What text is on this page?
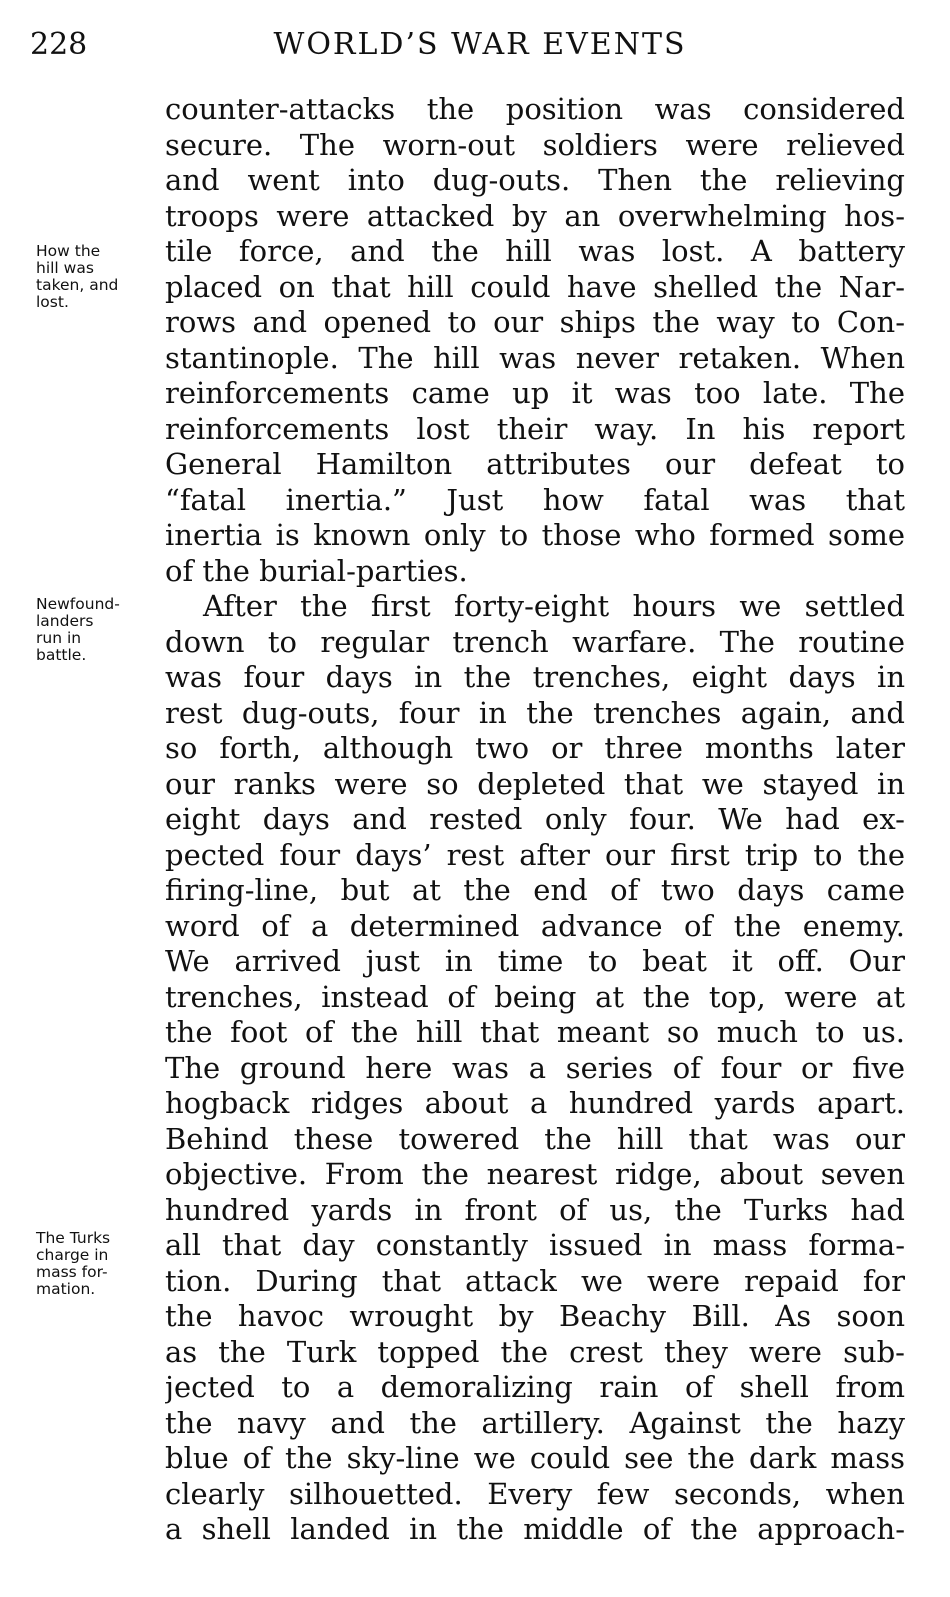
228	WORLD’S WAR EVENTS
How the
hill was
taken, and
lost.
Newfound-
landers
run in
battle.
The Turks
charge in
mass for-
mation.
counter-attacks the position was considered
secure. The worn-out soldiers were relieved
and went into dug-outs. Then the relieving
troops were attacked by an overwhelming hos-
tile force, and the hill was lost. A battery
placed on that hill could have shelled the Nar-
rows and opened to our ships the way to Con-
stantinople. The hill was never retaken. When
reinforcements came up it was too late. The
reinforcements lost their way. In his report
General Hamilton attributes our defeat to
“fatal inertia.” Just how fatal was that
inertia is known only to those who formed some
of the burial-parties.
After the first forty-eight hours we settled
down to regular trench warfare. The routine
was four days in the trenches, eight days in
rest dug-outs, four in the trenches again, and
so forth, although two or three months later
our ranks were so depleted that we stayed in
eight days and rested only four. We had ex-
pected four days’ rest after our first trip to the
firing-line, but at the end of two days came
word of a determined advance of the enemy.
We arrived just in time to beat it off. Our
trenches, instead of being at the top, were at
the foot of the hill that meant so much to us.
The ground here was a series of four or five
hogback ridges about a hundred yards apart.
Behind these towered the hill that was our
objective. From the nearest ridge, about seven
hundred yards in front of us, the Turks had
all that day constantly issued in mass forma-
tion. During that attack we were repaid for
the havoc wrought by Beachy Bill. As soon
as the Turk topped the crest they were sub-
jected to a demoralizing rain of shell from
the navy and the artillery. Against the hazy
blue of the sky-line we could see the dark mass
clearly silhouetted. Every few seconds, when
a shell landed in the middle of the approach-
